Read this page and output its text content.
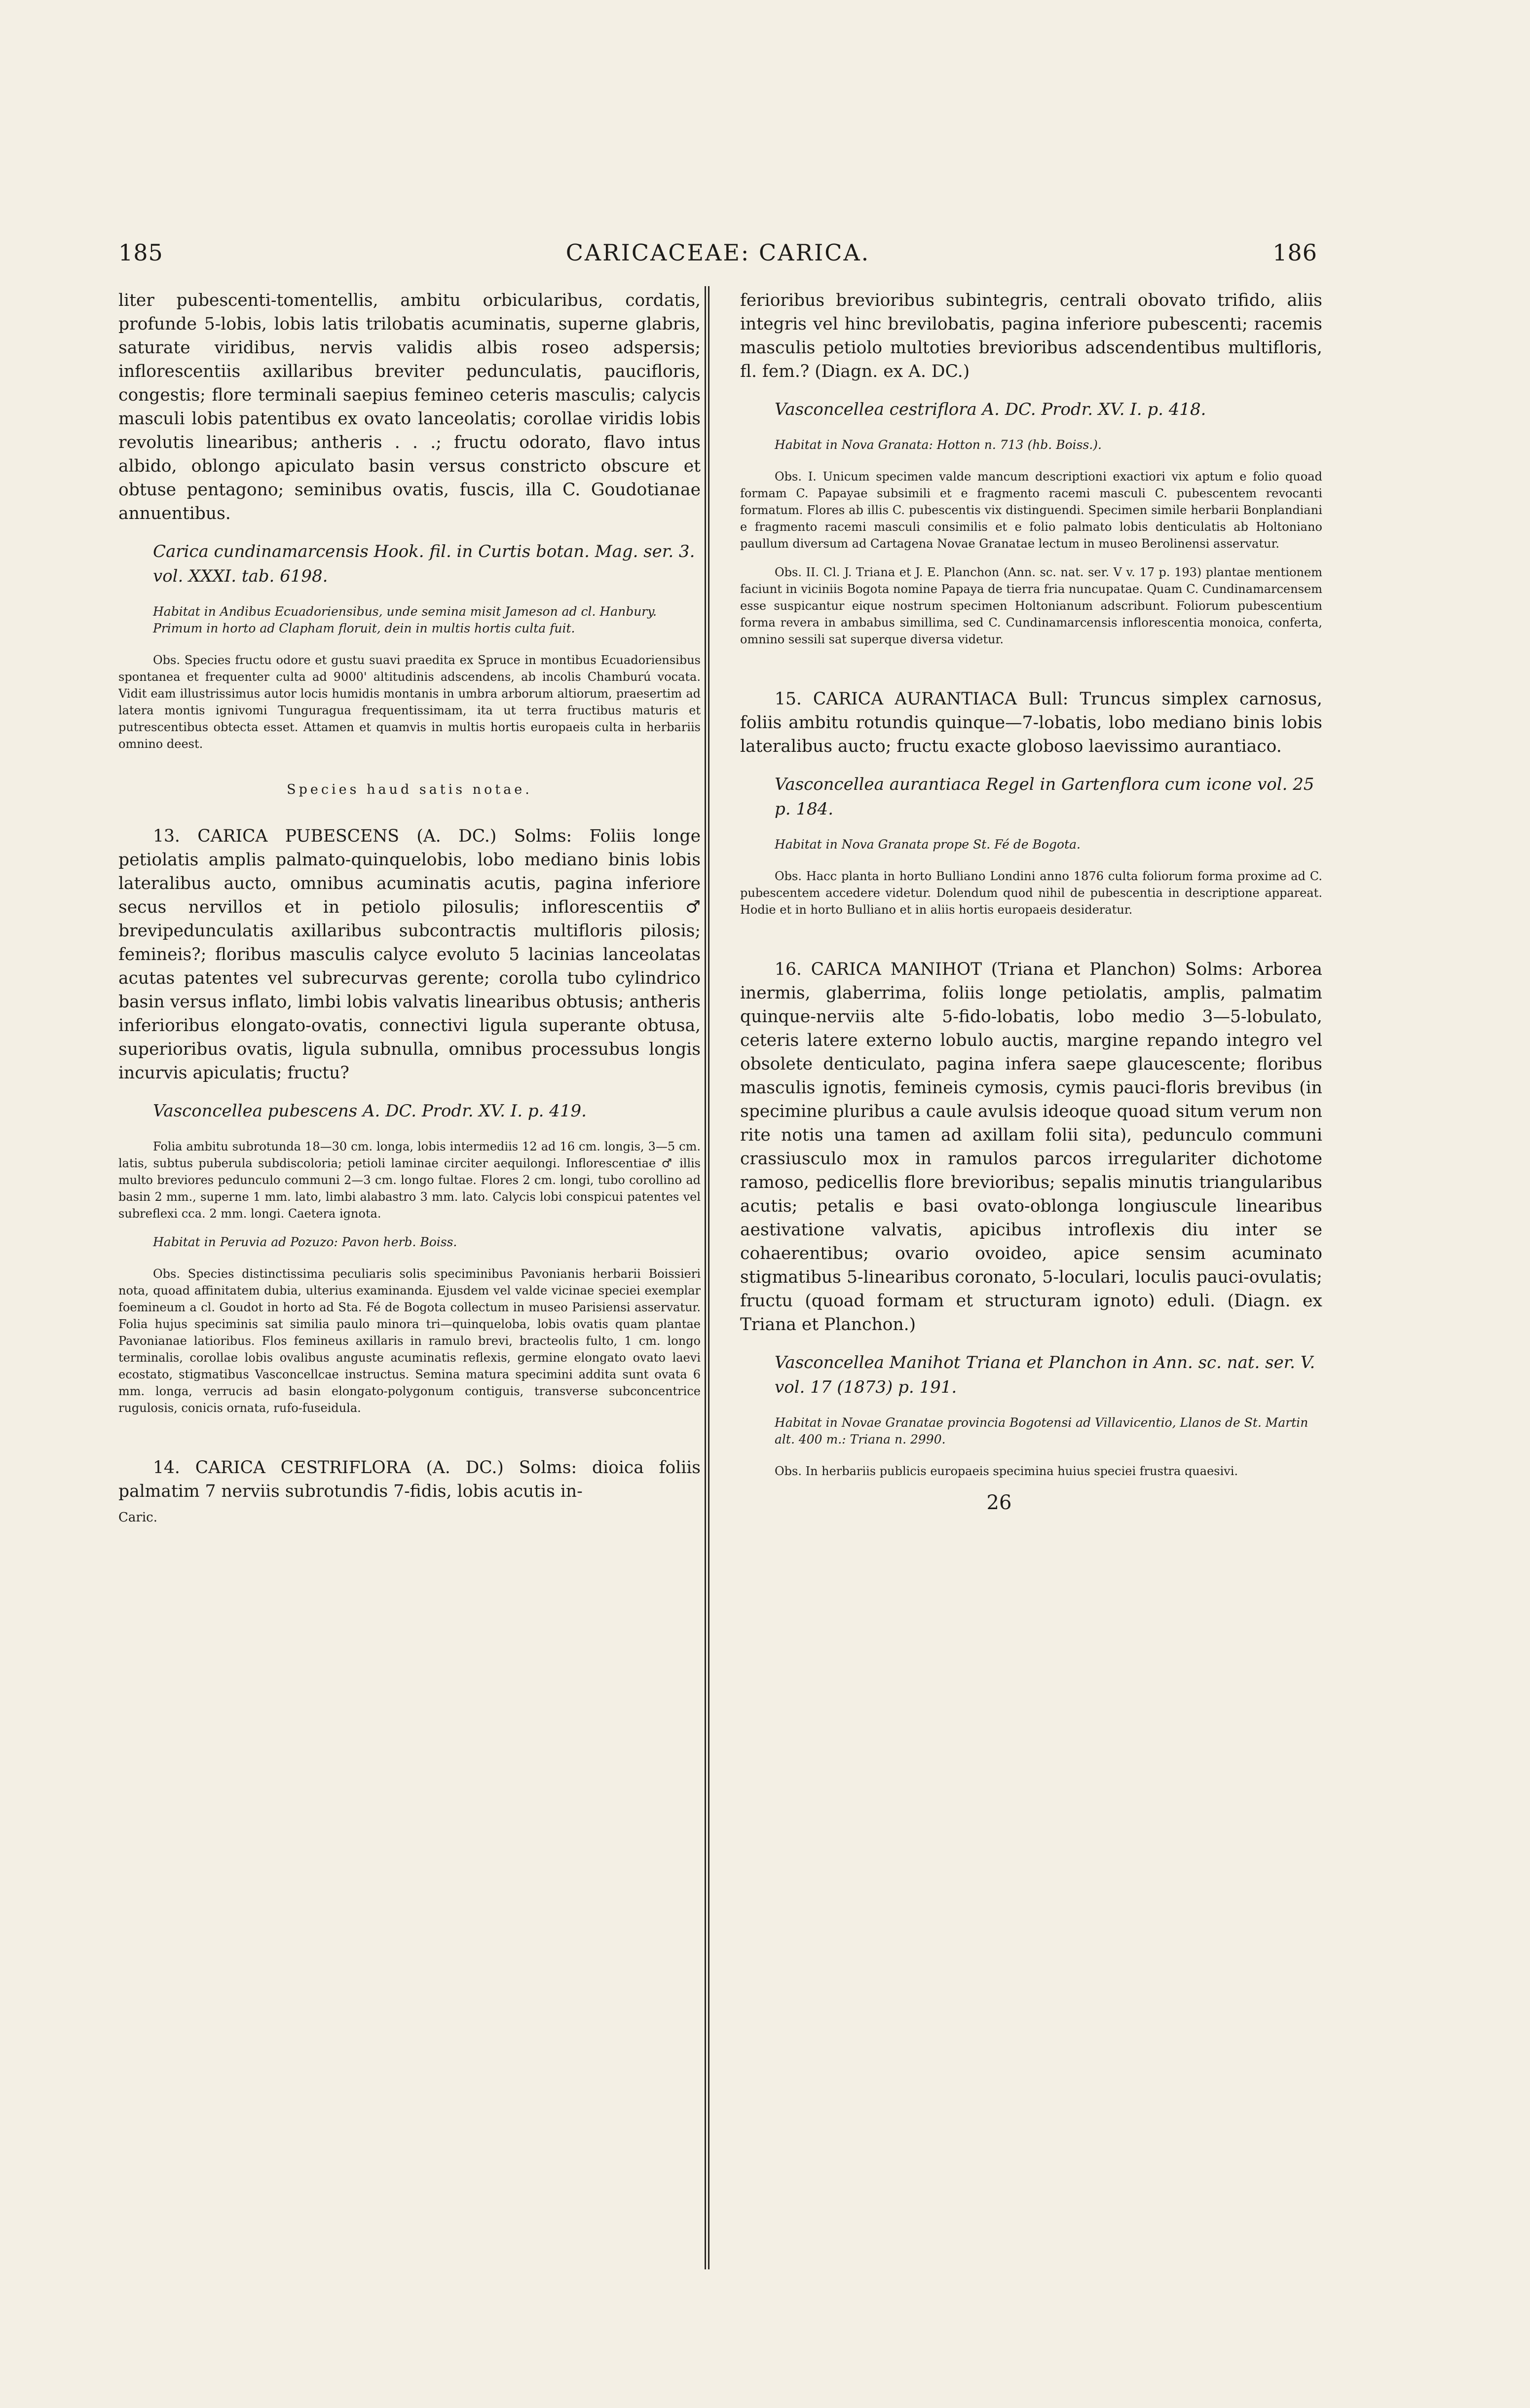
185	CARICACEAE: CARICA.	186

liter pubescenti-tomentellis, ambitu orbicularibus, cordatis, profunde 5-lobis, lobis latis trilobatis acuminatis, superne glabris, saturate viridibus, nervis validis albis roseo adspersis; inflorescentiis axillaribus breviter pedunculatis, paucifloris, congestis; flore terminali saepius femineo ceteris masculis; calycis masculi lobis patentibus ex ovato lanceolatis; corollae viridis lobis revolutis linearibus; antheris . . .; fructu odorato, flavo intus albido, oblongo apiculato basin versus constricto obscure et obtuse pentagono; seminibus ovatis, fuscis, illa C. Goudotianae annuentibus.

Carica cundinamarcensis Hook. fil. in Curtis botan. Mag. ser. 3. vol. XXXI. tab. 6198.

Habitat in Andibus Ecuadoriensibus, unde semina misit Jameson ad cl. Hanbury. Primum in horto ad Clapham floruit, dein in multis hortis culta fuit.

Obs. Species fructu odore et gustu suavi praedita ex Spruce in montibus Ecuadoriensibus spontanea et frequenter culta ad 9000' altitudinis adscendens, ab incolis Chamburú vocata. Vidit eam illustrissimus autor locis humidis montanis in umbra arborum altiorum, praesertim ad latera montis ignivomi Tunguragua frequentissimam, ita ut terra fructibus maturis et putrescentibus obtecta esset. Attamen et quamvis in multis hortis europaeis culta in herbariis omnino deest.

Species haud satis notae.

13. CARICA PUBESCENS (A. DC.) Solms: Foliis longe petiolatis amplis palmato-quinquelobis, lobo mediano binis lobis lateralibus aucto, omnibus acuminatis acutis, pagina inferiore secus nervillos et in petiolo pilosulis; inflorescentiis ♂ brevipedunculatis axillaribus subcontractis multifloris pilosis; femineis?; floribus masculis calyce evoluto 5 lacinias lanceolatas acutas patentes vel subrecurvas gerente; corolla tubo cylindrico basin versus inflato, limbi lobis valvatis linearibus obtusis; antheris inferioribus elongato-ovatis, connectivi ligula superante obtusa, superioribus ovatis, ligula subnulla, omnibus processubus longis incurvis apiculatis; fructu?

Vasconcellea pubescens A. DC. Prodr. XV. I. p. 419.

Folia ambitu subrotunda 18—30 cm. longa, lobis intermediis 12 ad 16 cm. longis, 3—5 cm. latis, subtus puberula subdiscoloria; petioli laminae circiter aequilongi. Inflorescentiae ♂ illis multo breviores pedunculo communi 2—3 cm. longo fultae. Flores 2 cm. longi, tubo corollino ad basin 2 mm., superne 1 mm. lato, limbi alabastro 3 mm. lato. Calycis lobi conspicui patentes vel subreflexi cca. 2 mm. longi. Caetera ignota.

Habitat in Peruvia ad Pozuzo: Pavon herb. Boiss.

Obs. Species distinctissima peculiaris solis speciminibus Pavonianis herbarii Boissieri nota, quoad affinitatem dubia, ulterius examinanda. Ejusdem vel valde vicinae speciei exemplar foemineum a cl. Goudot in horto ad Sta. Fé de Bogota collectum in museo Parisiensi asservatur. Folia hujus speciminis sat similia paulo minora tri—quinqueloba, lobis ovatis quam plantae Pavonianae latioribus. Flos femineus axillaris in ramulo brevi, bracteolis fulto, 1 cm. longo terminalis, corollae lobis ovalibus anguste acuminatis reflexis, germine elongato ovato laevi ecostato, stigmatibus Vasconcellcae instructus. Semina matura specimini addita sunt ovata 6 mm. longa, verrucis ad basin elongato-polygonum contiguis, transverse subconcentrice rugulosis, conicis ornata, rufo-fuseidula.

14. CARICA CESTRIFLORA (A. DC.) Solms: dioica foliis palmatim 7 nerviis subrotundis 7-fidis, lobis acutis in-

Caric.

ferioribus brevioribus subintegris, centrali obovato trifido, aliis integris vel hinc brevilobatis, pagina inferiore pubescenti; racemis masculis petiolo multoties brevioribus adscendentibus multifloris, fl. fem.? (Diagn. ex A. DC.)

Vasconcellea cestriflora A. DC. Prodr. XV. I. p. 418.

Habitat in Nova Granata: Hotton n. 713 (hb. Boiss.).

Obs. I. Unicum specimen valde mancum descriptioni exactiori vix aptum e folio quoad formam C. Papayae subsimili et e fragmento racemi masculi C. pubescentem revocanti formatum. Flores ab illis C. pubescentis vix distinguendi. Specimen simile herbarii Bonplandiani e fragmento racemi masculi consimilis et e folio palmato lobis denticulatis ab Holtoniano paullum diversum ad Cartagena Novae Granatae lectum in museo Berolinensi asservatur.

Obs. II. Cl. J. Triana et J. E. Planchon (Ann. sc. nat. ser. V v. 17 p. 193) plantae mentionem faciunt in viciniis Bogota nomine Papaya de tierra fria nuncupatae. Quam C. Cundinamarcensem esse suspicantur eique nostrum specimen Holtonianum adscribunt. Foliorum pubescentium forma revera in ambabus simillima, sed C. Cundinamarcensis inflorescentia monoica, conferta, omnino sessili sat superque diversa videtur.

15. CARICA AURANTIACA Bull: Truncus simplex carnosus, foliis ambitu rotundis quinque—7-lobatis, lobo mediano binis lobis lateralibus aucto; fructu exacte globoso laevissimo aurantiaco.

Vasconcellea aurantiaca Regel in Gartenflora cum icone vol. 25 p. 184.

Habitat in Nova Granata prope St. Fé de Bogota.

Obs. Hacc planta in horto Bulliano Londini anno 1876 culta foliorum forma proxime ad C. pubescentem accedere videtur. Dolendum quod nihil de pubescentia in descriptione appareat. Hodie et in horto Bulliano et in aliis hortis europaeis desideratur.

16. CARICA MANIHOT (Triana et Planchon) Solms: Arborea inermis, glaberrima, foliis longe petiolatis, amplis, palmatim quinque-nerviis alte 5-fido-lobatis, lobo medio 3—5-lobulato, ceteris latere externo lobulo auctis, margine repando integro vel obsolete denticulato, pagina infera saepe glaucescente; floribus masculis ignotis, femineis cymosis, cymis pauci-floris brevibus (in specimine pluribus a caule avulsis ideoque quoad situm verum non rite notis una tamen ad axillam folii sita), pedunculo communi crassiusculo mox in ramulos parcos irregulariter dichotome ramoso, pedicellis flore brevioribus; sepalis minutis triangularibus acutis; petalis e basi ovato-oblonga longiuscule linearibus aestivatione valvatis, apicibus introflexis diu inter se cohaerentibus; ovario ovoideo, apice sensim acuminato stigmatibus 5-linearibus coronato, 5-loculari, loculis pauci-ovulatis; fructu (quoad formam et structuram ignoto) eduli. (Diagn. ex Triana et Planchon.)

Vasconcellea Manihot Triana et Planchon in Ann. sc. nat. ser. V. vol. 17 (1873) p. 191.

Habitat in Novae Granatae provincia Bogotensi ad Villavicentio, Llanos de St. Martin alt. 400 m.: Triana n. 2990.

Obs. In herbariis publicis europaeis specimina huius speciei frustra quaesivi.

26
